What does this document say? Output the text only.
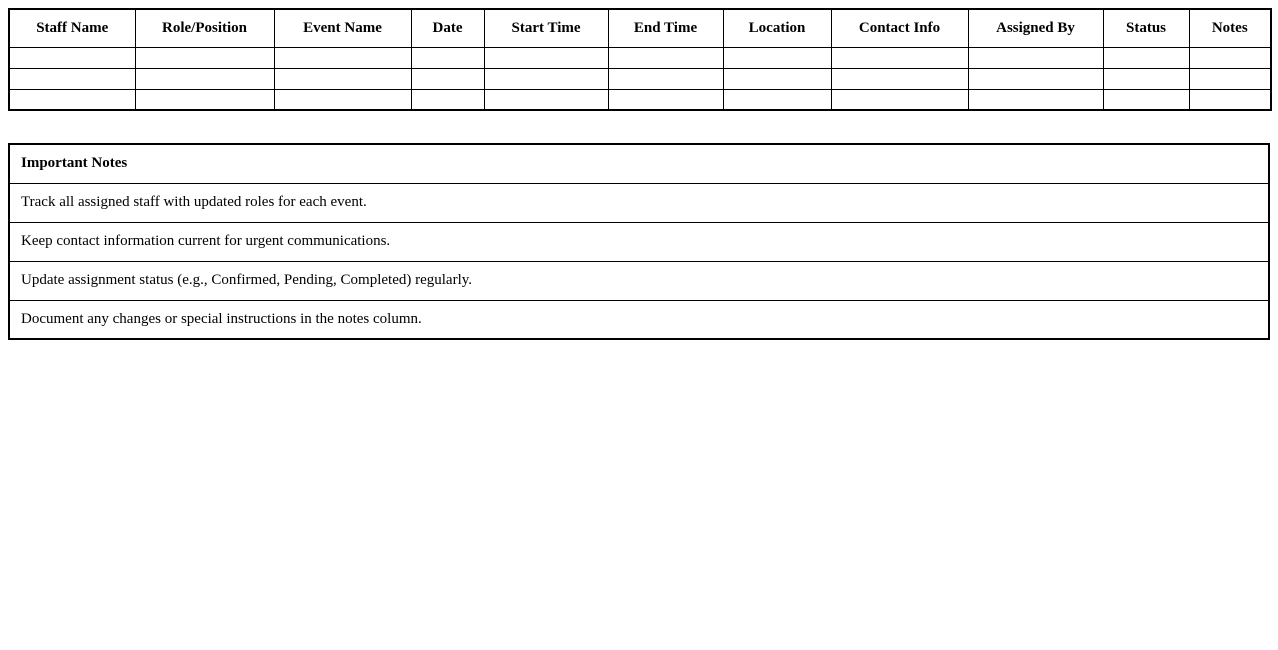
Staff Name	Role/Position	Event Name	Date	Start Time	End Time	Location	Contact Info	Assigned By	Status	Notes

Important Notes
Track all assigned staff with updated roles for each event.
Keep contact information current for urgent communications.
Update assignment status (e.g., Confirmed, Pending, Completed) regularly.
Document any changes or special instructions in the notes column.
